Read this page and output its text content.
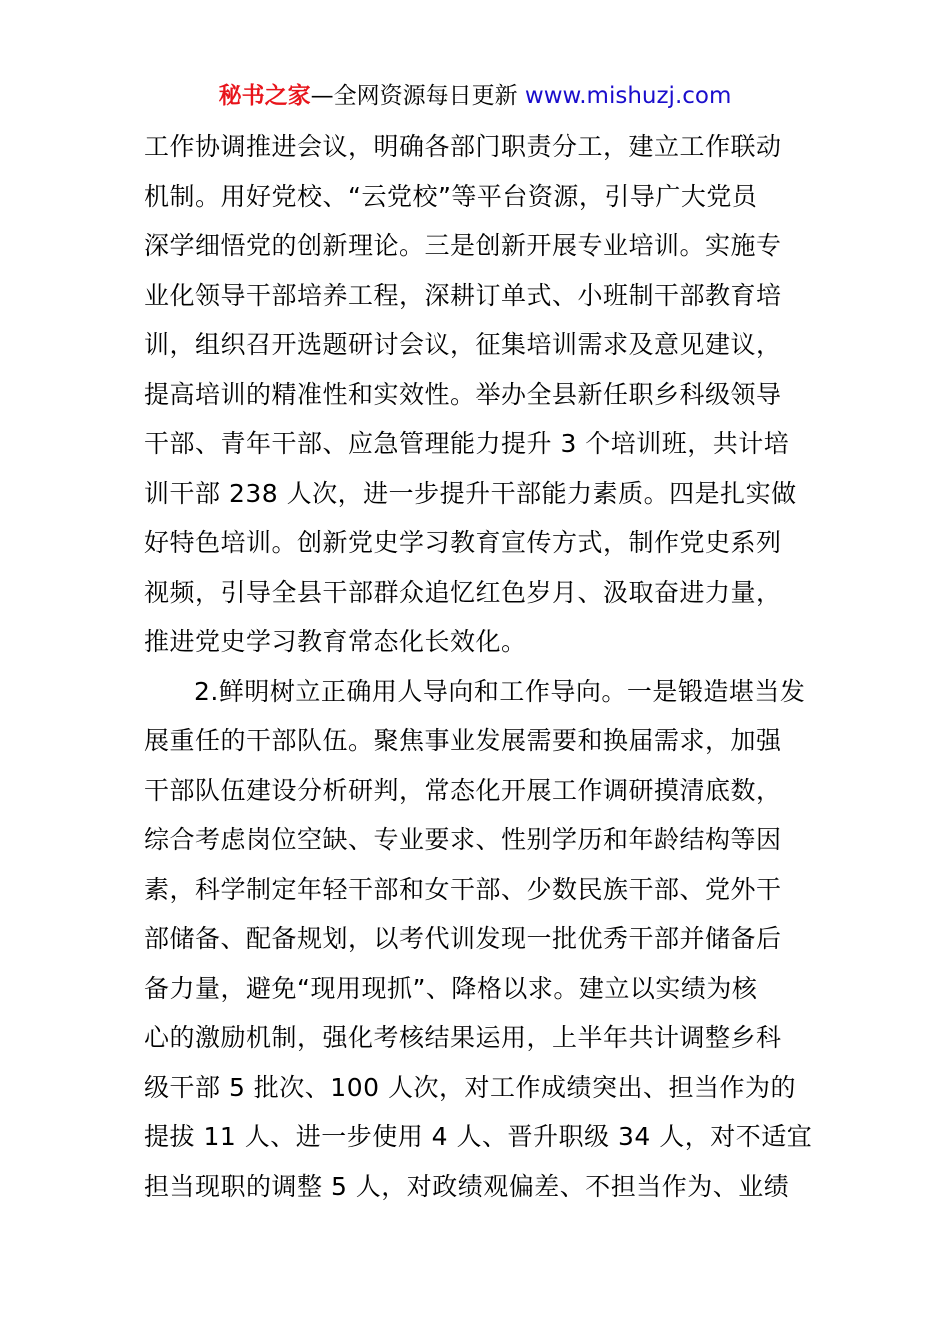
秘书之家—全网资源每日更新 www.mishuzj.com
工作协调推进会议，明确各部门职责分工，建立工作联动
机制。用好党校、“云党校”等平台资源，引导广大党员
深学细悟党的创新理论。三是创新开展专业培训。实施专
业化领导干部培养工程，深耕订单式、小班制干部教育培
训，组织召开选题研讨会议，征集培训需求及意见建议，
提高培训的精准性和实效性。举办全县新任职乡科级领导
干部、青年干部、应急管理能力提升 3 个培训班，共计培
训干部 238 人次，进一步提升干部能力素质。四是扎实做
好特色培训。创新党史学习教育宣传方式，制作党史系列
视频，引导全县干部群众追忆红色岁月、汲取奋进力量，
推进党史学习教育常态化长效化。
2.鲜明树立正确用人导向和工作导向。一是锻造堪当发
展重任的干部队伍。聚焦事业发展需要和换届需求，加强
干部队伍建设分析研判，常态化开展工作调研摸清底数，
综合考虑岗位空缺、专业要求、性别学历和年龄结构等因
素，科学制定年轻干部和女干部、少数民族干部、党外干
部储备、配备规划，以考代训发现一批优秀干部并储备后
备力量，避免“现用现抓”、降格以求。建立以实绩为核
心的激励机制，强化考核结果运用，上半年共计调整乡科
级干部 5 批次、100 人次，对工作成绩突出、担当作为的
提拔 11 人、进一步使用 4 人、晋升职级 34 人，对不适宜
担当现职的调整 5 人，对政绩观偏差、不担当作为、业绩
